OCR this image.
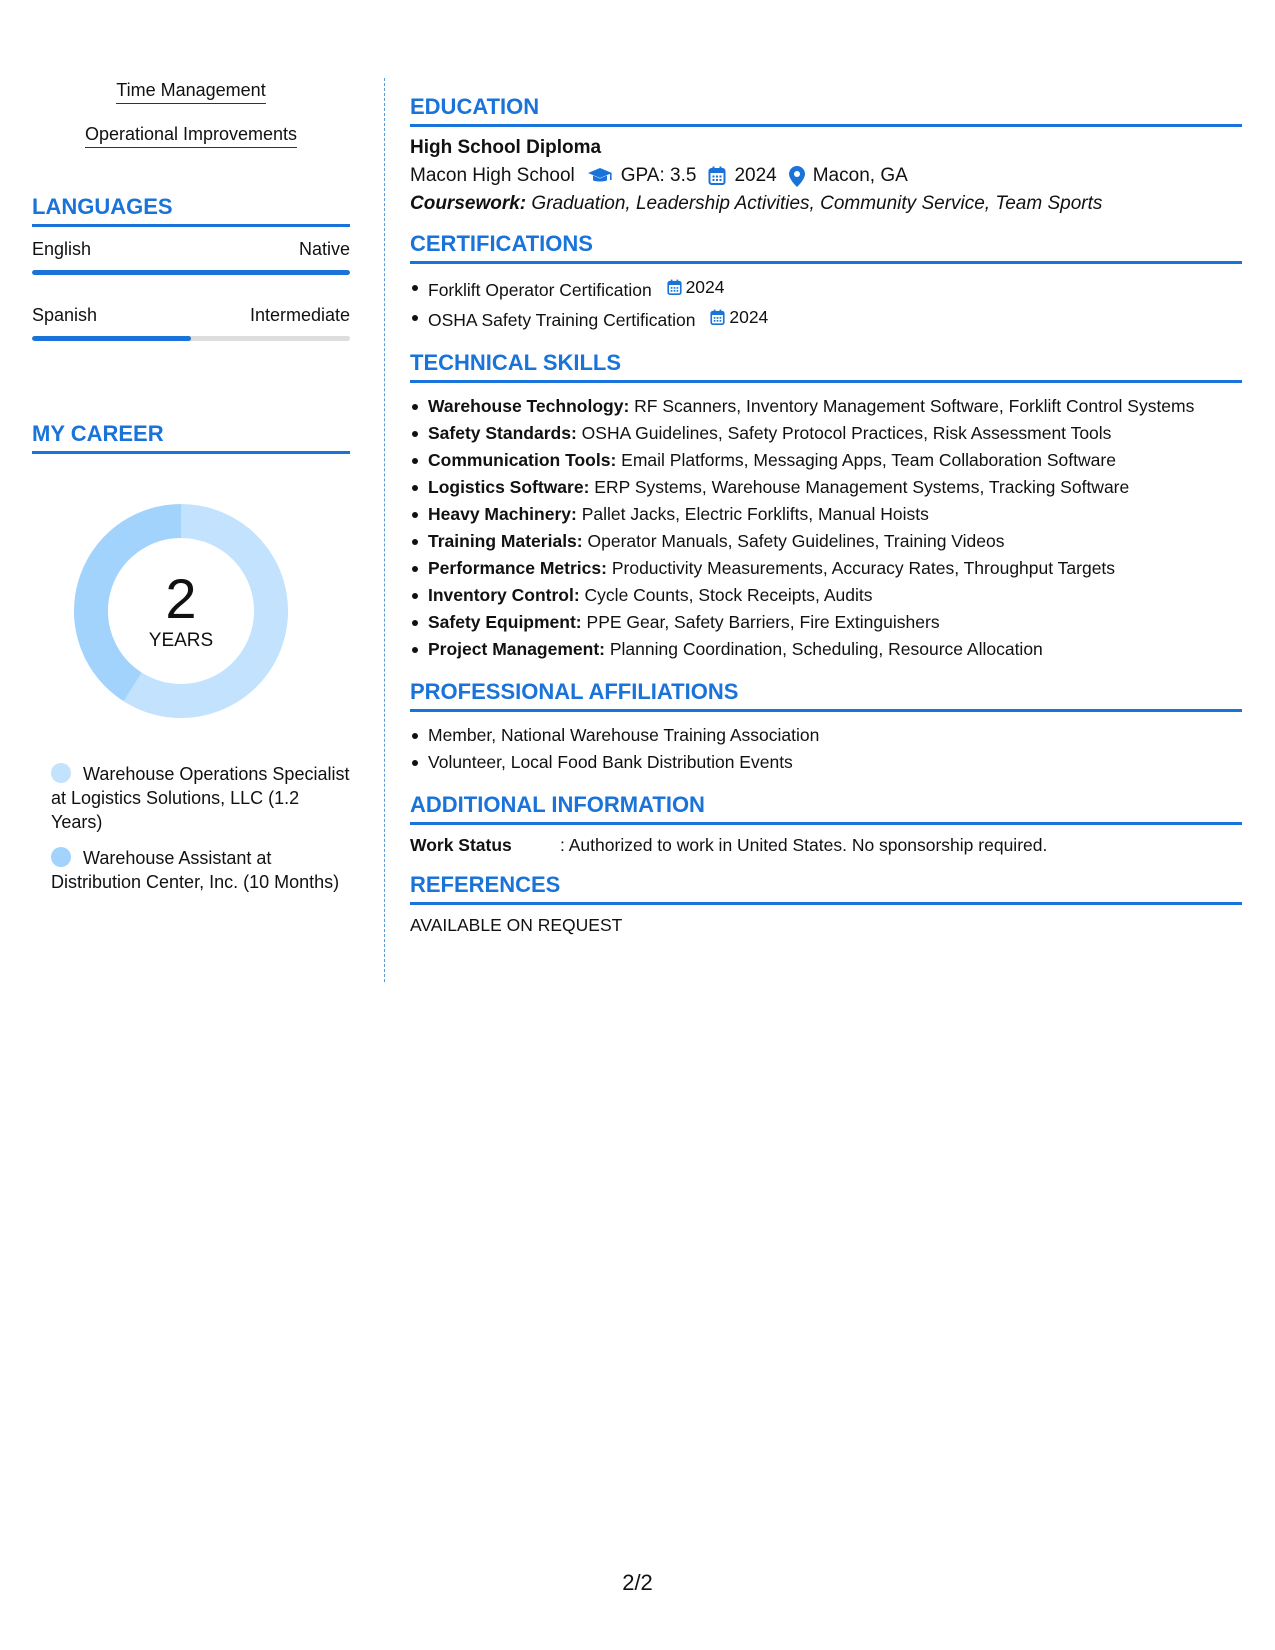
Time Management
Operational Improvements
LANGUAGES
English	Native
Spanish	Intermediate
MY CAREER
2
YEARS
Warehouse Operations Specialist at Logistics Solutions, LLC (1.2 Years)
Warehouse Assistant at Distribution Center, Inc. (10 Months)
EDUCATION
High School Diploma
Macon High School GPA: 3.5 2024 Macon, GA
Coursework: Graduation, Leadership Activities, Community Service, Team Sports
CERTIFICATIONS
Forklift Operator Certification 2024
OSHA Safety Training Certification 2024
TECHNICAL SKILLS
Warehouse Technology: RF Scanners, Inventory Management Software, Forklift Control Systems
Safety Standards: OSHA Guidelines, Safety Protocol Practices, Risk Assessment Tools
Communication Tools: Email Platforms, Messaging Apps, Team Collaboration Software
Logistics Software: ERP Systems, Warehouse Management Systems, Tracking Software
Heavy Machinery: Pallet Jacks, Electric Forklifts, Manual Hoists
Training Materials: Operator Manuals, Safety Guidelines, Training Videos
Performance Metrics: Productivity Measurements, Accuracy Rates, Throughput Targets
Inventory Control: Cycle Counts, Stock Receipts, Audits
Safety Equipment: PPE Gear, Safety Barriers, Fire Extinguishers
Project Management: Planning Coordination, Scheduling, Resource Allocation
PROFESSIONAL AFFILIATIONS
Member, National Warehouse Training Association
Volunteer, Local Food Bank Distribution Events
ADDITIONAL INFORMATION
Work Status	: Authorized to work in United States. No sponsorship required.
REFERENCES
AVAILABLE ON REQUEST
2/2
